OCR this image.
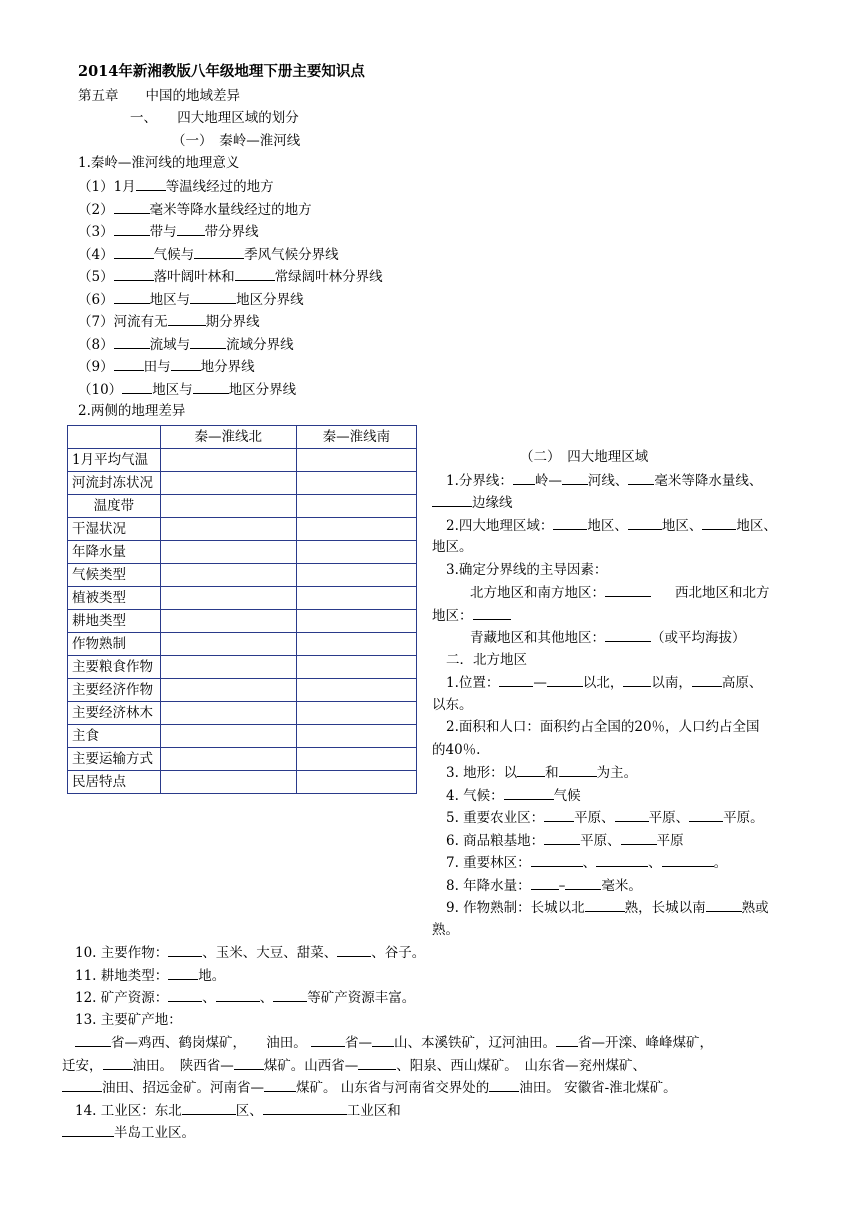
2014年新湘教版八年级地理下册主要知识点
第五章　　中国的地域差异
一、　　四大地理区域的划分
（一）　秦岭—淮河线
1.秦岭—淮河线的地理意义
（1）1月 等温线经过的地方
（2）	毫米等降水量线经过的地方
（3）	带与 带分界线
（4）	气候与	季风气候分界线
（5）	落叶阔叶林和	常绿阔叶林分界线
（6）	地区与	地区分界线
（7）河流有无	期分界线
（8）	流域与	流域分界线
（9） 田与 地分界线
（10） 地区与	地区分界线
2.两侧的地理差异
	秦—淮线北	秦—淮线南
1月平均气温		
河流封冻状况		
温度带		
干湿状况		
年降水量		
气候类型		
植被类型		
耕地类型		
作物熟制		
主要粮食作物		
主要经济作物		
主要经济林木		
主食		
主要运输方式		
民居特点		
（二）　四大地理区域
1.分界线： 岭— 河线、 毫米等降水量线、
边缘线
2.四大地理区域：	地区、	地区、	地区、
地区。
3.确定分界线的主导因素：
北方地区和南方地区：	西北地区和北方
地区：
青藏地区和其他地区：	（或平均海拔）
二．北方地区
1.位置：	—	以北， 以南， 高原、
以东。
2.面积和人口：面积约占全国的20％，人口约占全国
的40％.
3. 地形：以 和	为主。
4. 气候：	气候
5. 重要农业区： 平原、	平原、	平原。
6. 商品粮基地：	平原、	平原
7. 重要林区：	、	、	。
8. 年降水量： –	毫米。
9. 作物熟制：长城以北	熟，长城以南	熟或
熟。
10. 主要作物：	、玉米、大豆、甜菜、	、谷子。
11. 耕地类型： 地。
12. 矿产资源：	、	、	等矿产资源丰富。
13. 主要矿产地：
省—鸡西、鹤岗煤矿，　　油田。	省— 山、本溪铁矿，辽河油田。 省—开滦、峰峰煤矿，
迁安， 油田。　陕西省— 煤矿。山西省—	、阳泉、西山煤矿。　山东省—兖州煤矿、
油田、招远金矿。河南省— 煤矿。 山东省与河南省交界处的 油田。 安徽省-淮北煤矿。
14. 工业区：东北	区、	工业区和
半岛工业区。
